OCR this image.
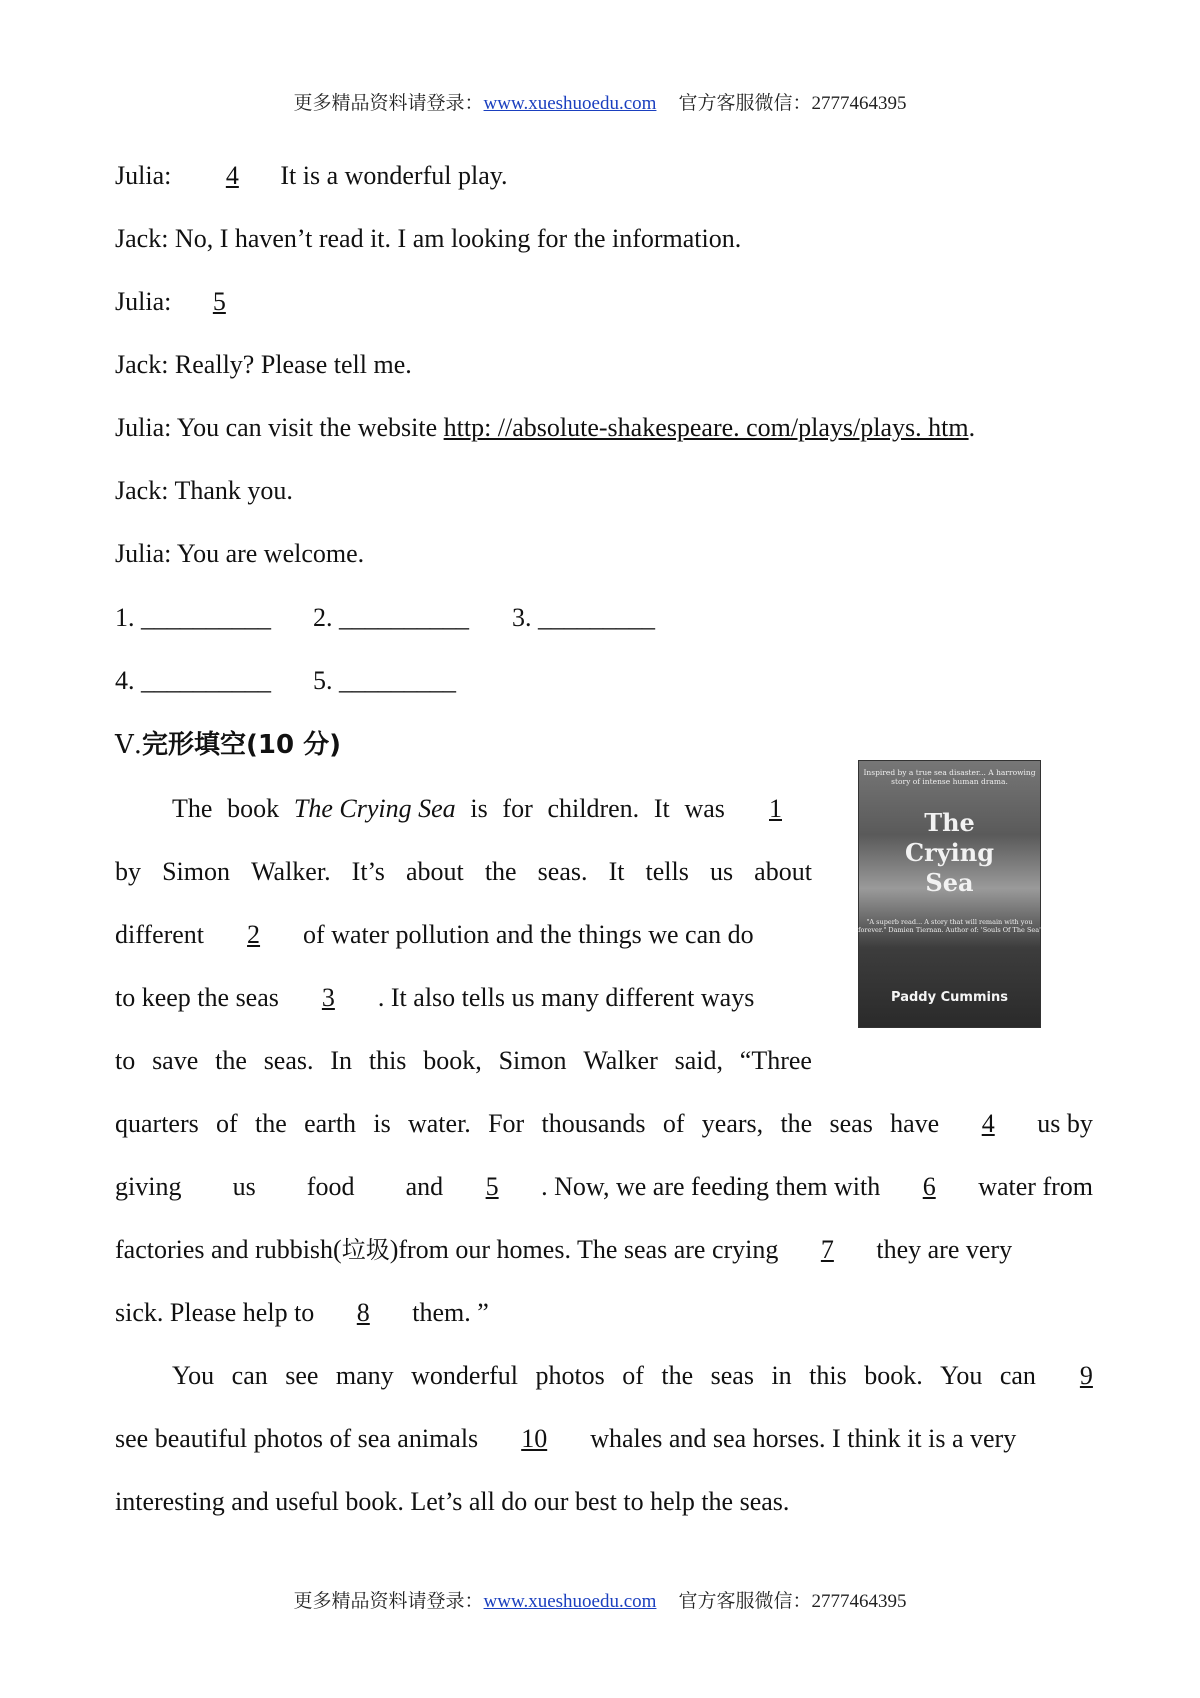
更多精品资料请登录：www.xueshuoedu.com 官方客服微信：2777464395
Julia: 4 It is a wonderful play.
Jack: No, I haven’t read it. I am looking for the information.
Julia: 5
Jack: Really? Please tell me.
Julia: You can visit the website http: //absolute-shakespeare. com/plays/plays. htm.
Jack: Thank you.
Julia: You are welcome.
1. __________ 2. __________ 3. _________
4. __________ 5. _________
Ⅴ.完形填空(10 分)
Inspired by a true sea disaster... A harrowing story of intense human drama.
The
Crying
Sea
"A superb read... A story that will remain with you forever." Damien Tiernan. Author of: 'Souls Of The Sea'
Paddy Cummins
The book The Crying Sea is for children. It was 1
by Simon Walker. It’s about the seas. It tells us about
different 2 of water pollution and the things we can do
to keep the seas 3 . It also tells us many different ways
to save the seas. In this book, Simon Walker said, “Three
quarters of the earth is water. For thousands of years, the seas have 4 us by
giving us food and 5 . Now, we are feeding them with 6 water from
factories and rubbish(垃圾)from our homes. The seas are crying 7 they are very
sick. Please help to 8 them. ”
You can see many wonderful photos of the seas in this book. You can 9
see beautiful photos of sea animals 10 whales and sea horses. I think it is a very
interesting and useful book. Let’s all do our best to help the seas.
更多精品资料请登录：www.xueshuoedu.com 官方客服微信：2777464395
